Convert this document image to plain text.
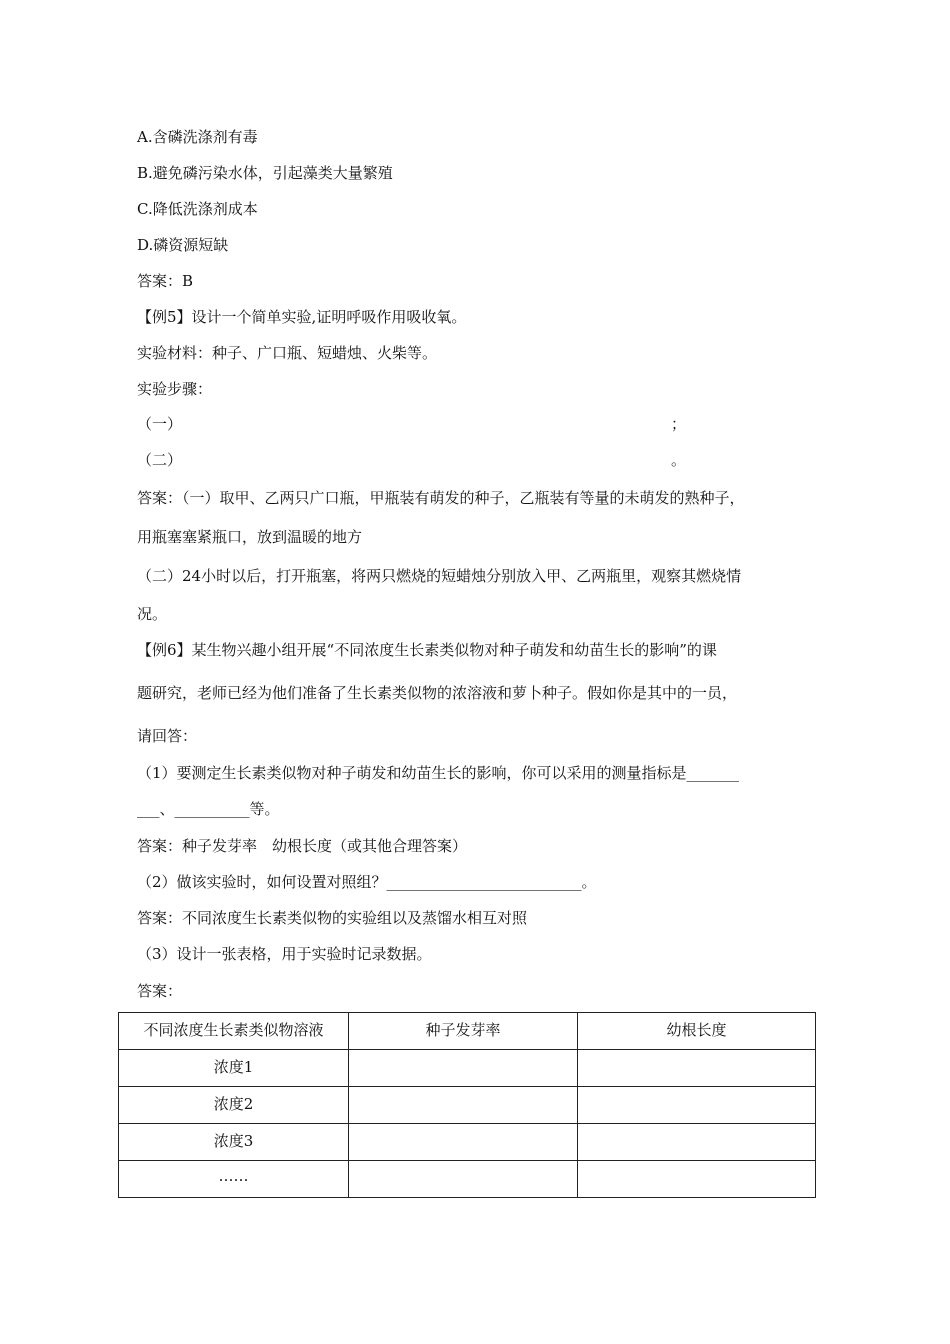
A.含磷洗涤剂有毒
B.避免磷污染水体，引起藻类大量繁殖
C.降低洗涤剂成本
D.磷资源短缺
答案：B
【例5】设计一个简单实验,证明呼吸作用吸收氧。
实验材料：种子、广口瓶、短蜡烛、火柴等。
实验步骤：
（一）	；
（二）	。
答案：（一）取甲、乙两只广口瓶，甲瓶装有萌发的种子，乙瓶装有等量的未萌发的熟种子，
用瓶塞塞紧瓶口，放到温暖的地方
（二）24小时以后，打开瓶塞，将两只燃烧的短蜡烛分别放入甲、乙两瓶里，观察其燃烧情
况。
【例6】某生物兴趣小组开展“不同浓度生长素类似物对种子萌发和幼苗生长的影响”的课
题研究，老师已经为他们准备了生长素类似物的浓溶液和萝卜种子。假如你是其中的一员，
请回答：
（1）要测定生长素类似物对种子萌发和幼苗生长的影响，你可以采用的测量指标是_______
___、__________等。
答案：种子发芽率　幼根长度（或其他合理答案）
（2）做该实验时，如何设置对照组？__________________________。
答案：不同浓度生长素类似物的实验组以及蒸馏水相互对照
（3）设计一张表格，用于实验时记录数据。
答案：
不同浓度生长素类似物溶液	种子发芽率	幼根长度
浓度1		
浓度2		
浓度3		
……		
